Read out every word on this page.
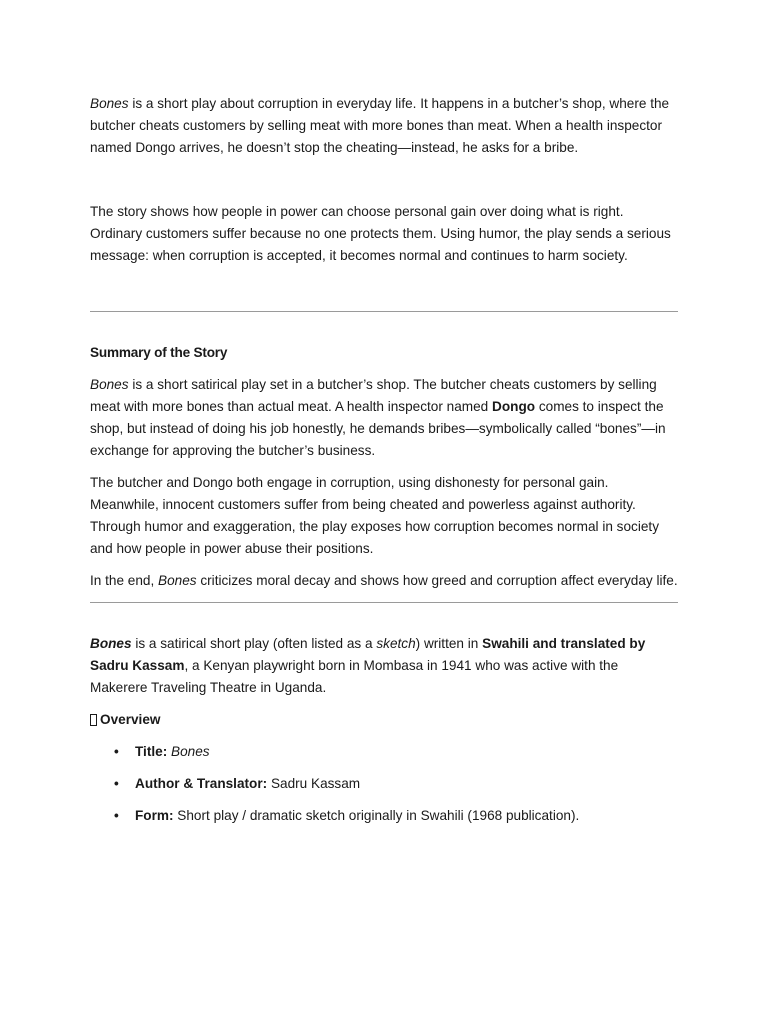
Bones is a short play about corruption in everyday life. It happens in a butcher’s shop, where the butcher cheats customers by selling meat with more bones than meat. When a health inspector named Dongo arrives, he doesn’t stop the cheating—instead, he asks for a bribe.

The story shows how people in power can choose personal gain over doing what is right. Ordinary customers suffer because no one protects them. Using humor, the play sends a serious message: when corruption is accepted, it becomes normal and continues to harm society.

Summary of the Story

Bones is a short satirical play set in a butcher’s shop. The butcher cheats customers by selling meat with more bones than actual meat. A health inspector named Dongo comes to inspect the shop, but instead of doing his job honestly, he demands bribes—symbolically called “bones”—in exchange for approving the butcher’s business.

The butcher and Dongo both engage in corruption, using dishonesty for personal gain. Meanwhile, innocent customers suffer from being cheated and powerless against authority. Through humor and exaggeration, the play exposes how corruption becomes normal in society and how people in power abuse their positions.

In the end, Bones criticizes moral decay and shows how greed and corruption affect everyday life.

Bones is a satirical short play (often listed as a sketch) written in Swahili and translated by Sadru Kassam, a Kenyan playwright born in Mombasa in 1941 who was active with the Makerere Traveling Theatre in Uganda.

Overview
• Title: Bones
• Author & Translator: Sadru Kassam
• Form: Short play / dramatic sketch originally in Swahili (1968 publication).
